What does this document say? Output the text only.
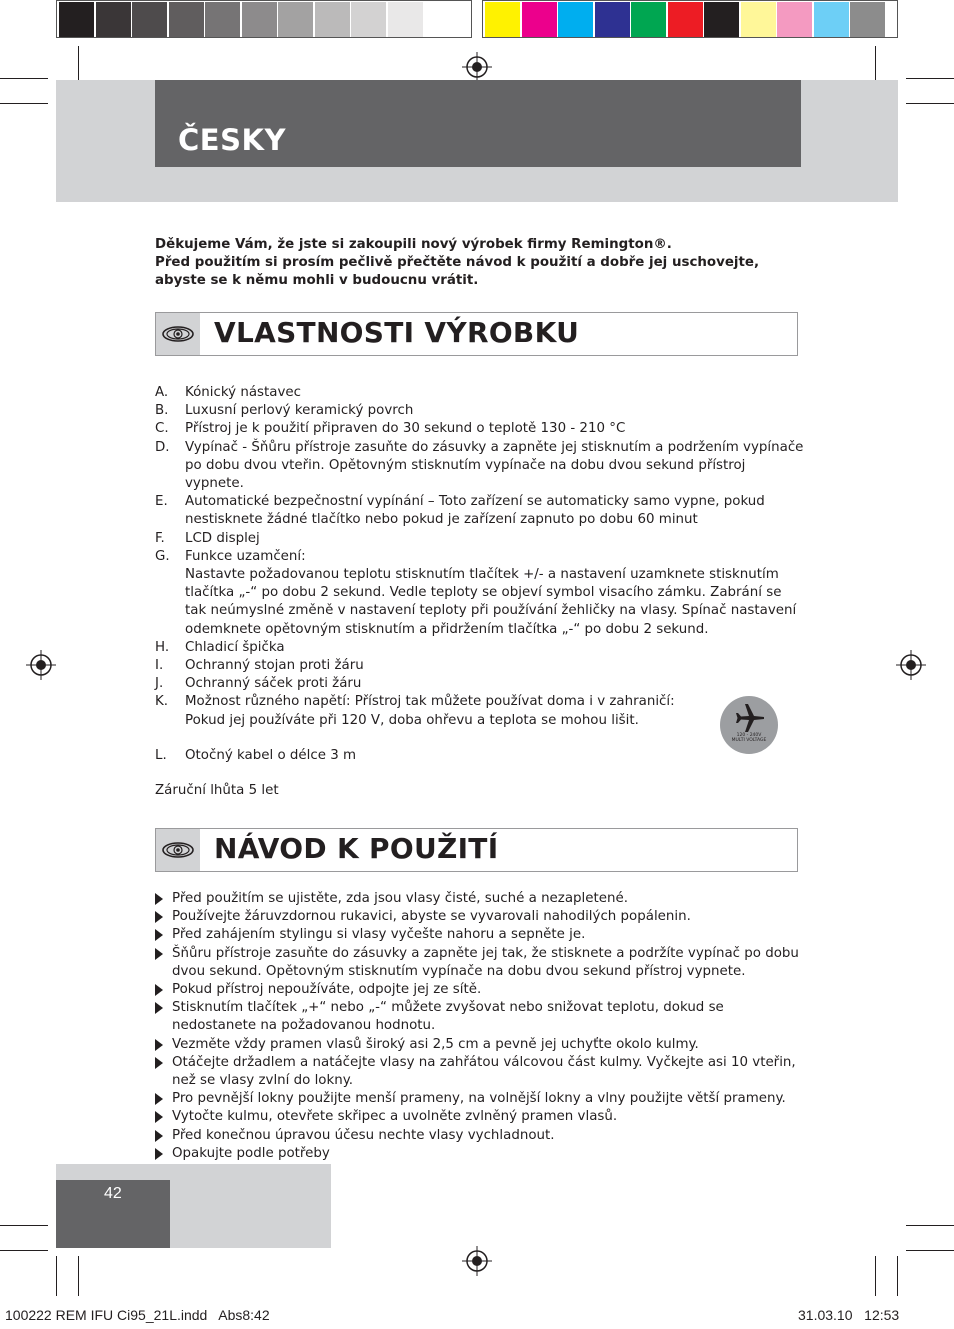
ČESKY

Děkujeme Vám, že jste si zakoupili nový výrobek firmy Remington®.

Před použitím si prosím pečlivě přečtěte návod k použití a dobře jej uschovejte,

abyste se k němu mohli v budoucnu vrátit.

VLASTNOSTI VÝROBKU
A. Kónický nástavec
B. Luxusní perlový keramický povrch
C. Přístroj je k použití připraven do 30 sekund o teplotě 130 - 210 °C
D. Vypínač - Šňůru přístroje zasuňte do zásuvky a zapněte jej stisknutím a podržením vypínače po dobu dvou vteřin. Opětovným stisknutím vypínače na dobu dvou sekund přístroj vypnete.
E. Automatické bezpečnostní vypínání – Toto zařízení se automaticky samo vypne, pokud nestisknete žádné tlačítko nebo pokud je zařízení zapnuto po dobu 60 minut
F. LCD displej
G. Funkce uzamčení:
Nastavte požadovanou teplotu stisknutím tlačítek +/- a nastavení uzamknete stisknutím tlačítka „-“ po dobu 2 sekund. Vedle teploty se objeví symbol visacího zámku. Zabrání se tak neúmyslné změně v nastavení teploty při používání žehličky na vlasy. Spínač nastavení odemknete opětovným stisknutím a přidržením tlačítka „-“ po dobu 2 sekund.
H. Chladicí špička
I. Ochranný stojan proti žáru
J. Ochranný sáček proti žáru
K. Možnost různého napětí: Přístroj tak můžete používat doma i v zahraničí:
Pokud jej používáte při 120 V, doba ohřevu a teplota se mohou lišit.
L. Otočný kabel o délce 3 m
120 - 240V
MULTI VOLTAGE
Záruční lhůta 5 let
NÁVOD K POUŽITÍ
Před použitím se ujistěte, zda jsou vlasy čisté, suché a nezapletené.
Používejte žáruvzdornou rukavici, abyste se vyvarovali nahodilých popálenin.
Před zahájením stylingu si vlasy vyčešte nahoru a sepněte je.
Šňůru přístroje zasuňte do zásuvky a zapněte jej tak, že stisknete a podržíte vypínač po dobu dvou sekund. Opětovným stisknutím vypínače na dobu dvou sekund přístroj vypnete.
Pokud přístroj nepoužíváte, odpojte jej ze sítě.
Stisknutím tlačítek „+“ nebo „-“ můžete zvyšovat nebo snižovat teplotu, dokud se nedostanete na požadovanou hodnotu.
Vezměte vždy pramen vlasů široký asi 2,5 cm a pevně jej uchyťte okolo kulmy.
Otáčejte držadlem a natáčejte vlasy na zahřátou válcovou část kulmy. Vyčkejte asi 10 vteřin, než se vlasy zvlní do lokny.
Pro pevnější lokny použijte menší prameny, na volnější lokny a vlny použijte větší prameny.
Vytočte kulmu, otevřete skřipec a uvolněte zvlněný pramen vlasů.
Před konečnou úpravou účesu nechte vlasy vychladnout.
Opakujte podle potřeby
42
100222 REM IFU Ci95_21L.indd   Abs8:42	31.03.10   12:53
